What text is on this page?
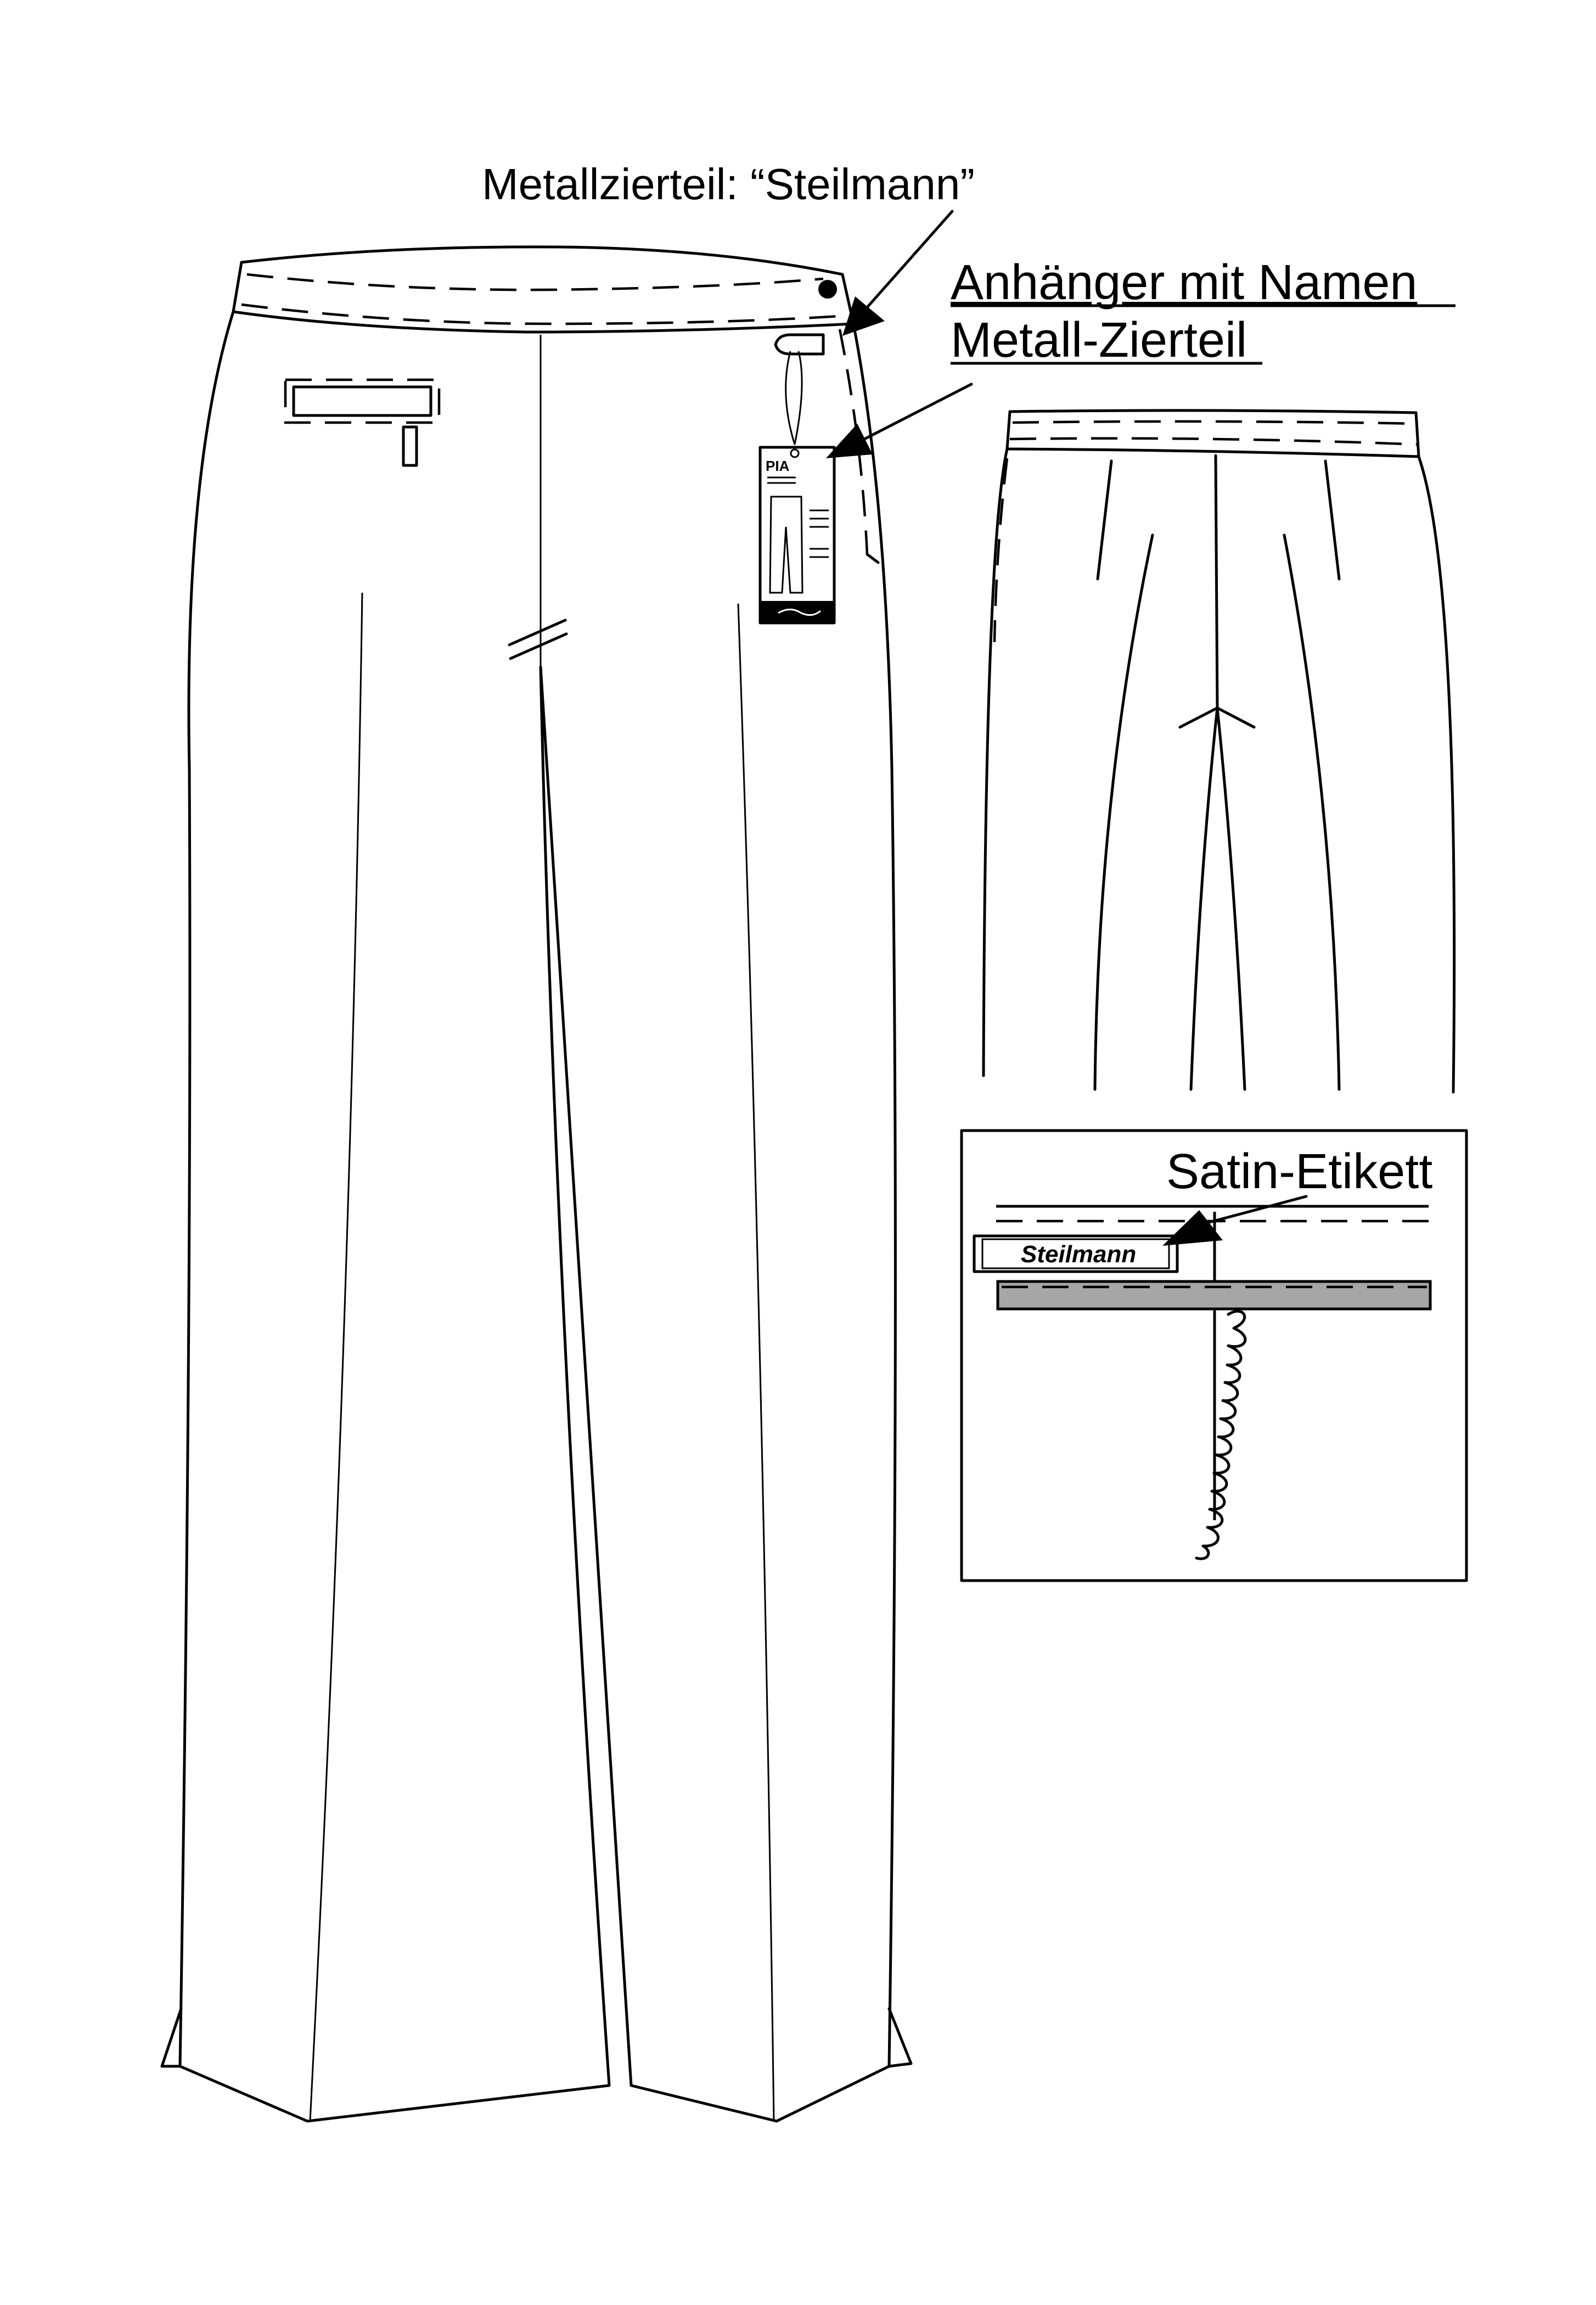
PIA
Metallzierteil: “Steilmann”
Anhänger mit Namen
Metall-Zierteil
Satin-Etikett
Steilmann
